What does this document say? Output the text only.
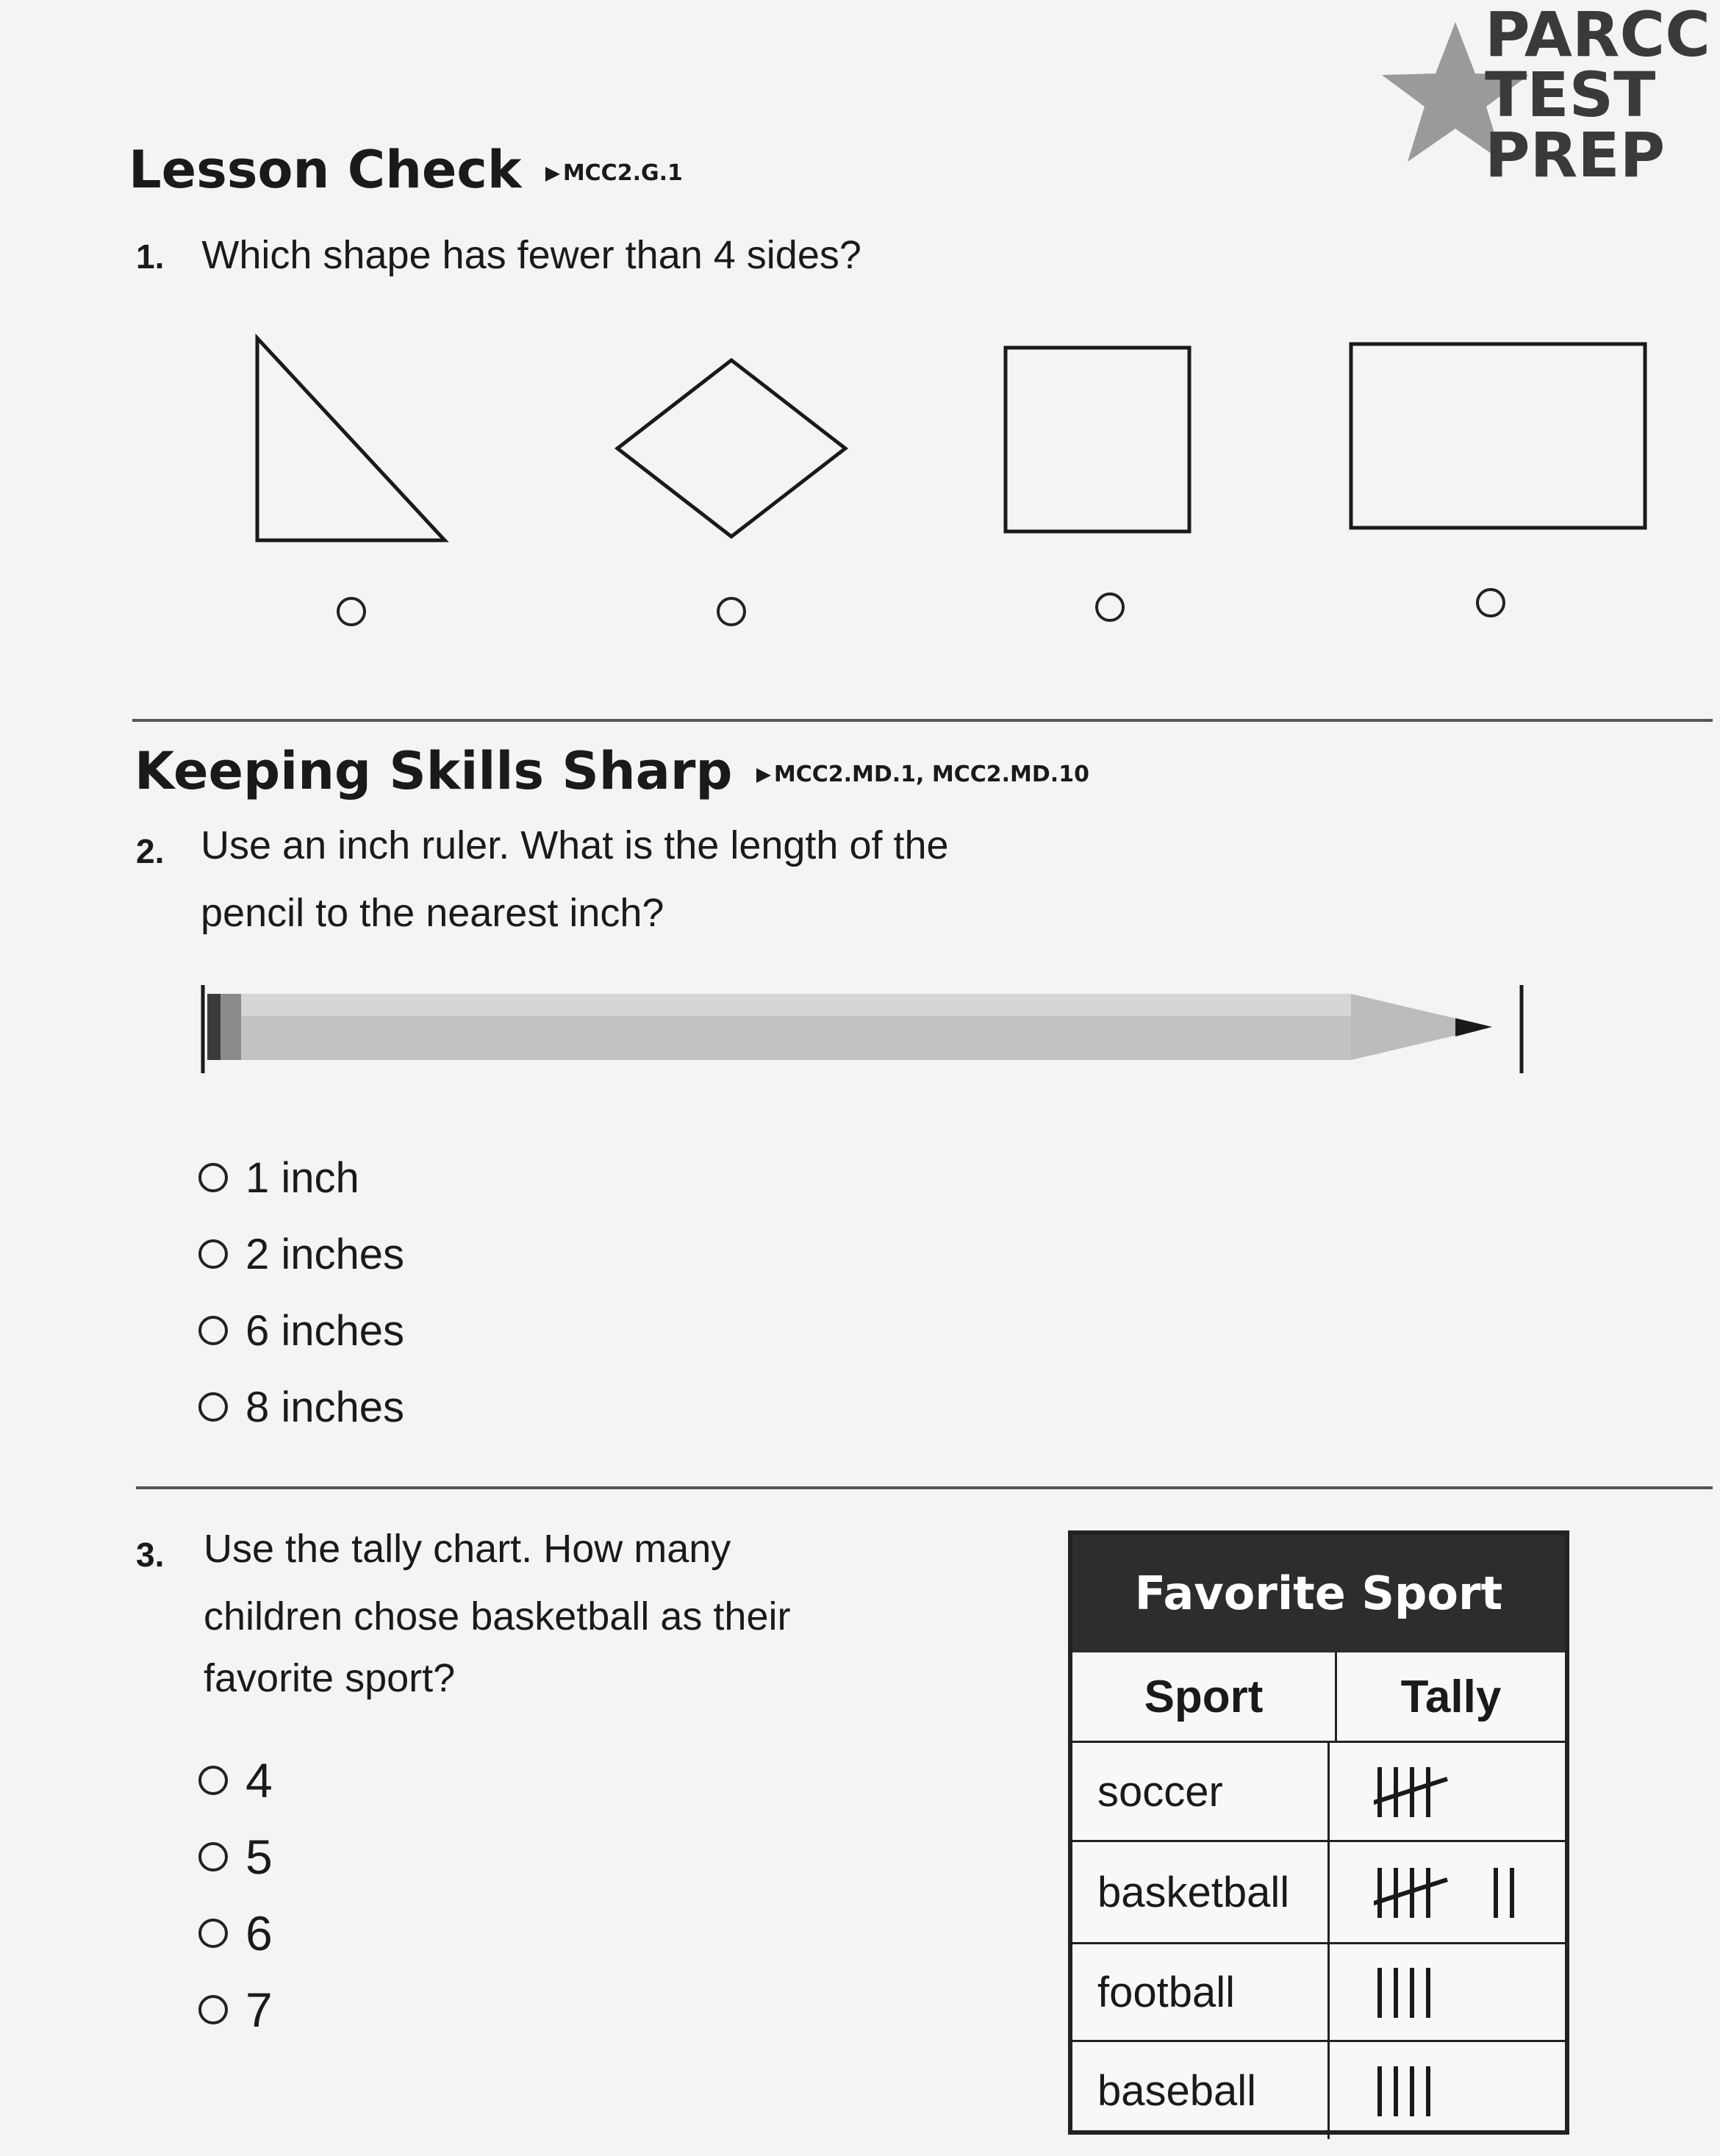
PARCC
TEST
PREP
Lesson Check MCC2.G.1
1. Which shape has fewer than 4 sides?
Keeping Skills Sharp MCC2.MD.1, MCC2.MD.10
2. Use an inch ruler. What is the length of the
pencil to the nearest inch?
1 inch
2 inches
6 inches
8 inches
3. Use the tally chart. How many
children chose basketball as their
favorite sport?
4
5
6
7
Favorite Sport
Sport	Tally
soccer
basketball
football
baseball
